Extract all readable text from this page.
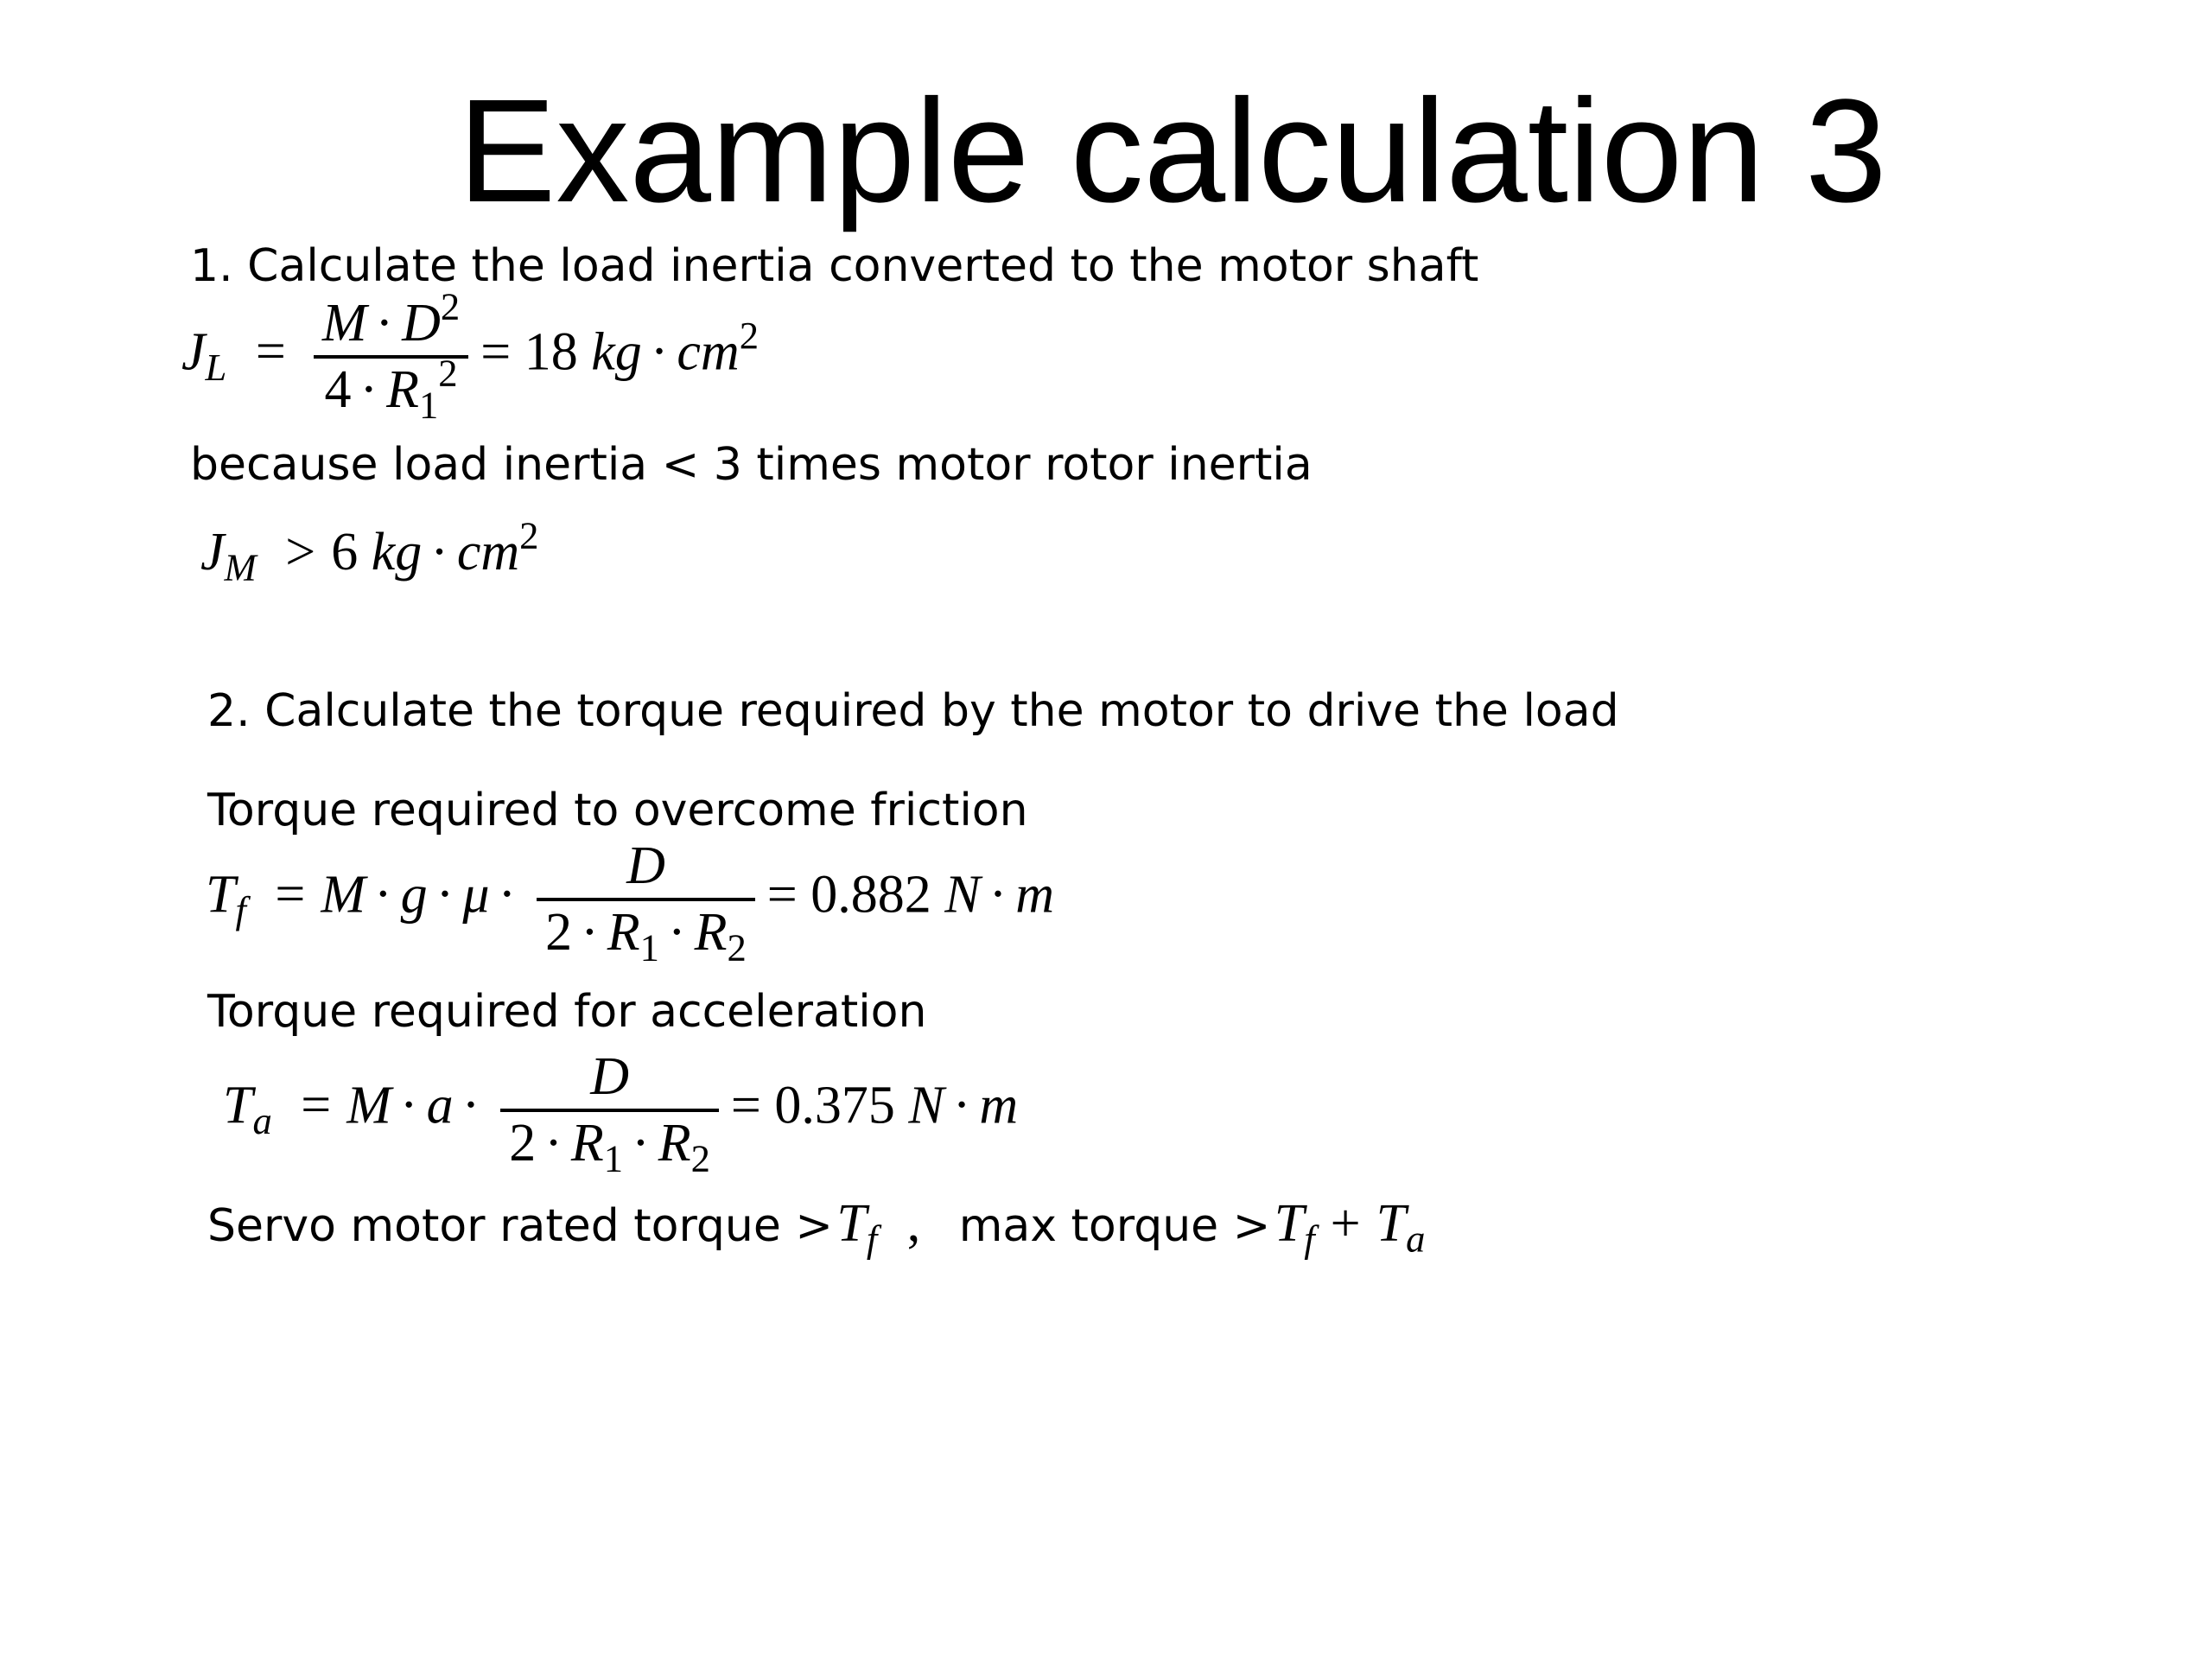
Example calculation 3
1. Calculate the load inertia converted to the motor shaft
$J_L = \frac{M \cdot D^2}{4 \cdot R_1^2} = 18$ kg · $cm^2$
because load inertia < 3 times motor rotor inertia
$J_M > 6$ kg · $cm^2$
2. Calculate the torque required by the motor to drive the load
Torque required to overcome friction
$T_f = M \cdot g \cdot \mu \cdot \frac{D}{2 \cdot R_1 \cdot R_2} = 0.882$ N · m
Torque required for acceleration
$T_a = M \cdot a \cdot \frac{D}{2 \cdot R_1 \cdot R_2} = 0.375$ N · m
Servo motor rated torque > $T_f$ , max torque > $T_f + T_a$
